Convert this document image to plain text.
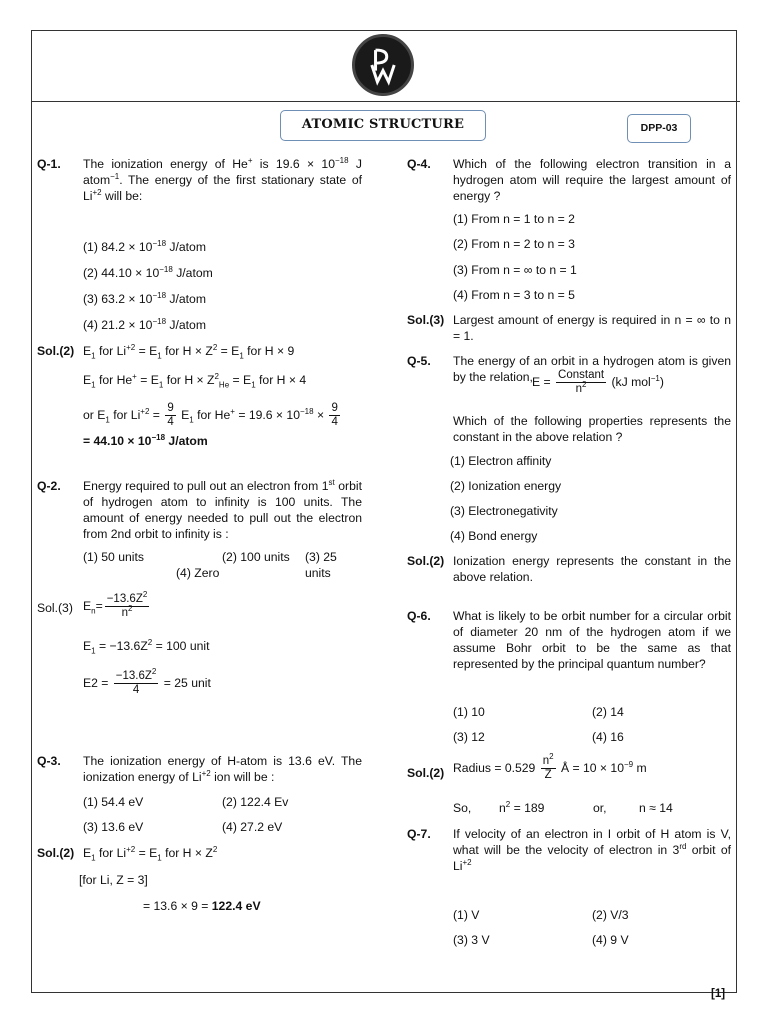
ATOMIC STRUCTURE	DPP-03
[1]
Q-1.	The ionization energy of He+ is $19.6 \times 10^{-18}$ J atom$^{-1}$. The energy of the first stationary state of $Li^{+2}$ will be:
(1) $84.2 \times 10^{-18}$ J/atom
(2) $44.10 \times 10^{-18}$ J/atom
(3) $63.2 \times 10^{-18}$ J/atom
(4) $21.2 \times 10^{-18}$ J/atom
Sol.(2) $E_1$ for $Li^{+2} = E_1$ for $H \times Z^2 = E_1$ for H × 9
$E_1$ for $He^+ = E_1$ for $H \times Z^2_{He} = E_1$ for H × 4
or $E_1$ for $Li^{+2} = \frac{9}{4} E_1$ for $He^+ = 19.6 \times 10^{-18} \times \frac{9}{4}$
= $44.10 \times 10^{-18}$ J/atom
Q-2.	Energy required to pull out an electron from 1st orbit of hydrogen atom to infinity is 100 units. The amount of energy needed to pull out the electron from 2nd orbit to infinity is :
(1) 50 units	(2) 100 units (3) 25 units
(4) Zero
Sol.(3) $E_n= \frac{-13.6Z^2}{n^2}$
$E_1 = -13.6Z^2 = 100$ unit
$E2 = \frac{-13.6Z^2}{4} = 25$ unit
Q-3.	The ionization energy of H-atom is 13.6 eV. The ionization energy of $Li^{+2}$ ion will be :
(1) 54.4 eV	(2) 122.4 Ev
(3) 13.6 eV	(4) 27.2 eV
Sol.(2) $E_1$ for $Li^{+2} = E_1$ for $H \times Z^2$
[for Li, Z = 3]
= 13.6 × 9 = 122.4 eV
Q-4.	Which of the following electron transition in a hydrogen atom will require the largest amount of energy ?
(1) From n = 1 to n = 2
(2) From n = 2 to n = 3
(3) From n = ∞ to n = 1
(4) From n = 3 to n = 5
Sol.(3) Largest amount of energy is required in n = ∞ to n = 1.
Q-5.	The energy of an orbit in a hydrogen atom is given by the relation, $E = \frac{\text{Constant}}{n^2} (kJ$ mol$^{-1}$)
Which of the following properties represents the constant in the above relation ?
(1) Electron affinity
(2) Ionization energy
(3) Electronegativity
(4) Bond energy
Sol.(2) Ionization energy represents the constant in the above relation.
Q-6.	What is likely to be orbit number for a circular orbit of diameter 20 nm of the hydrogen atom if we assume Bohr orbit to be the same as that represented by the principal quantum number?
(1) 10	(2) 14
(3) 12	(4) 16
Sol.(2) Radius = $0.529 \frac{n^2}{Z}$ Å = $10 \times 10^{-9}$ m
So, $n^2 = 189$	or,	n ≈ 14
Q-7.	If velocity of an electron in I orbit of H atom is V, what will be the velocity of electron in 3rd orbit of $Li^{+2}$
(1) V	(2) V/3
(3) 3 V	(4) 9 V
